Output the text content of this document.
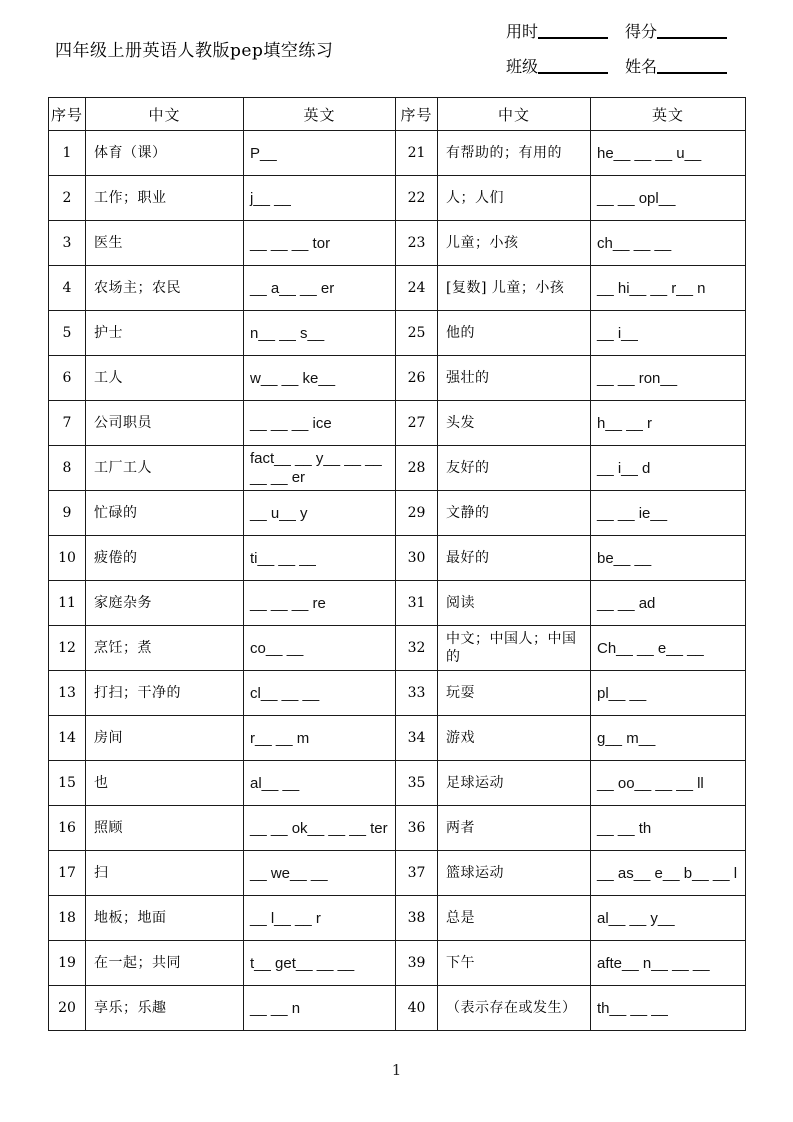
四年级上册英语人教版pep填空练习
用时	得分
班级	姓名
序号	中文	英文	序号	中文	英文
1	体育（课）	P__	21	有帮助的；有用的	he__ __ __ u__
2	工作；职业	j__ __	22	人；人们	__ __ opl__
3	医生	__ __ __ tor	23	儿童；小孩	ch__ __ __
4	农场主；农民	__ a__ __ er	24	[复数] 儿童；小孩	__ hi__ __ r__ n
5	护士	n__ __ s__	25	他的	__ i__
6	工人	w__ __ ke__	26	强壮的	__ __ ron__
7	公司职员	__ __ __ ice	27	头发	h__ __ r
8	工厂工人	fact__ __ y__ __ __ __ __ er	28	友好的	__ i__ d
9	忙碌的	__ u__ y	29	文静的	__ __ ie__
10	疲倦的	ti__ __ __	30	最好的	be__ __
11	家庭杂务	__ __ __ re	31	阅读	__ __ ad
12	烹饪；煮	co__ __	32	中文；中国人；中国的	Ch__ __ e__ __
13	打扫；干净的	cl__ __ __	33	玩耍	pl__ __
14	房间	r__ __ m	34	游戏	g__ m__
15	也	al__ __	35	足球运动	__ oo__ __ __ ll
16	照顾	__ __ ok__ __ __ ter	36	两者	__ __ th
17	扫	__ we__ __	37	篮球运动	__ as__ e__ b__ __ l
18	地板；地面	__ l__ __ r	38	总是	al__ __ y__
19	在一起；共同	t__ get__ __ __	39	下午	afte__ n__ __ __
20	享乐；乐趣	__ __ n	40	（表示存在或发生）	th__ __ __
1
